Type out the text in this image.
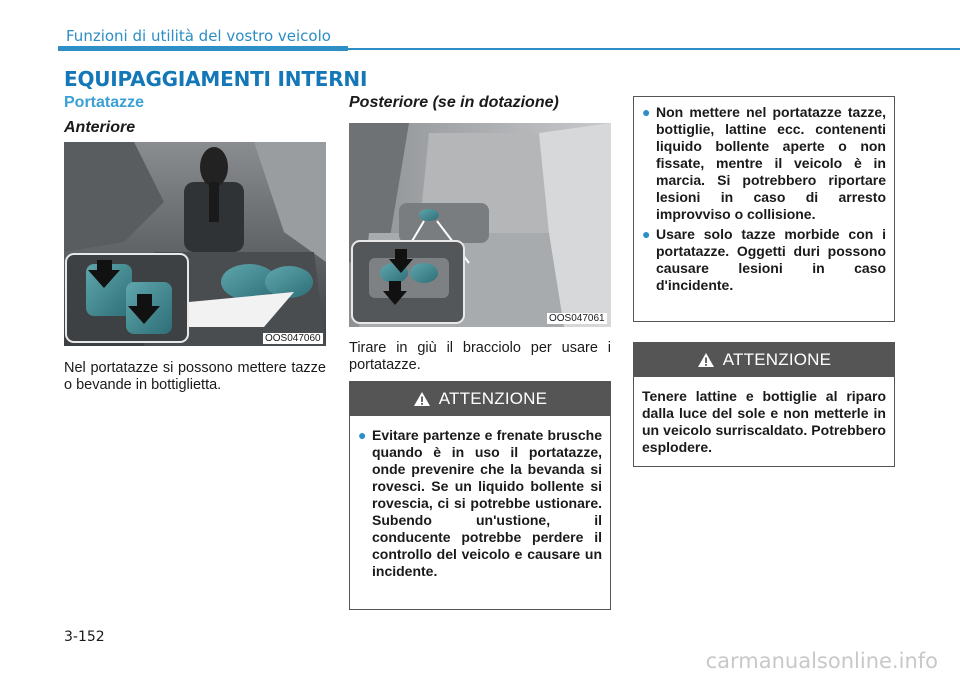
Funzioni di utilità del vostro veicolo
EQUIPAGGIAMENTI INTERNI
Portatazze
Anteriore
OOS047060
Nel portatazze si possono mettere tazze o bevande in bottiglietta.
Posteriore (se in dotazione)
OOS047061
Tirare in giù il bracciolo per usare i portatazze.
ATTENZIONE
● Evitare partenze e frenate brusche quando è in uso il portatazze, onde prevenire che la bevanda si rovesci. Se un liquido bollente si rovescia, ci si potrebbe ustionare. Subendo un'ustione, il conducente potrebbe perdere il controllo del veicolo e causare un incidente.
● Non mettere nel portatazze tazze, bottiglie, lattine ecc. contenenti liquido bollente aperte o non fissate, mentre il veicolo è in marcia. Si potrebbero riportare lesioni in caso di arresto improvviso o collisione.
● Usare solo tazze morbide con i portatazze. Oggetti duri possono causare lesioni in caso d'incidente.
ATTENZIONE
Tenere lattine e bottiglie al riparo dalla luce del sole e non metterle in un veicolo surriscaldato. Potrebbero esplodere.
3-152
carmanualsonline.info
